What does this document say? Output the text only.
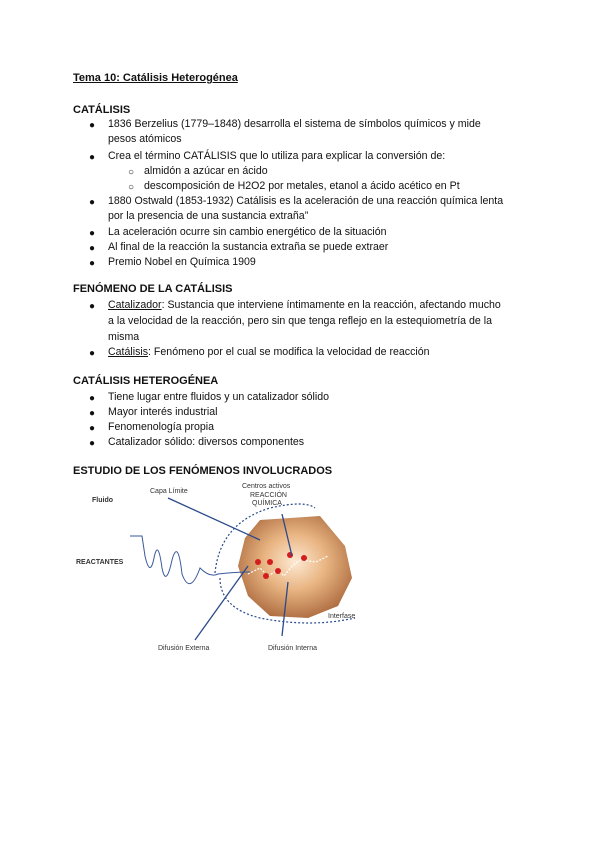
Tema 10: Catálisis Heterogénea
CATÁLISIS
● 1836 Berzelius (1779–1848) desarrolla el sistema de símbolos químicos y mide
pesos atómicos
● Crea el término CATÁLISIS que lo utiliza para explicar la conversión de:
○ almidón a azúcar en ácido
○ descomposición de H2O2 por metales, etanol a ácido acético en Pt
● 1880 Ostwald (1853-1932) Catálisis es la aceleración de una reacción química lenta
por la presencia de una sustancia extraña”
● La aceleración ocurre sin cambio energético de la situación
● Al final de la reacción la sustancia extraña se puede extraer
● Premio Nobel en Química 1909
FENÓMENO DE LA CATÁLISIS
● Catalizador: Sustancia que interviene íntimamente en la reacción, afectando mucho
a la velocidad de la reacción, pero sin que tenga reflejo en la estequiometría de la
misma
● Catálisis: Fenómeno por el cual se modifica la velocidad de reacción
CATÁLISIS HETEROGÉNEA
● Tiene lugar entre fluidos y un catalizador sólido
● Mayor interés industrial
● Fenomenología propia
● Catalizador sólido: diversos componentes
ESTUDIO DE LOS FENÓMENOS INVOLUCRADOS
Fluido
Capa Límite
Centros activos
REACCIÓN
QUÍMICA
REACTANTES
Interfase
Difusión Externa	Difusión Interna
